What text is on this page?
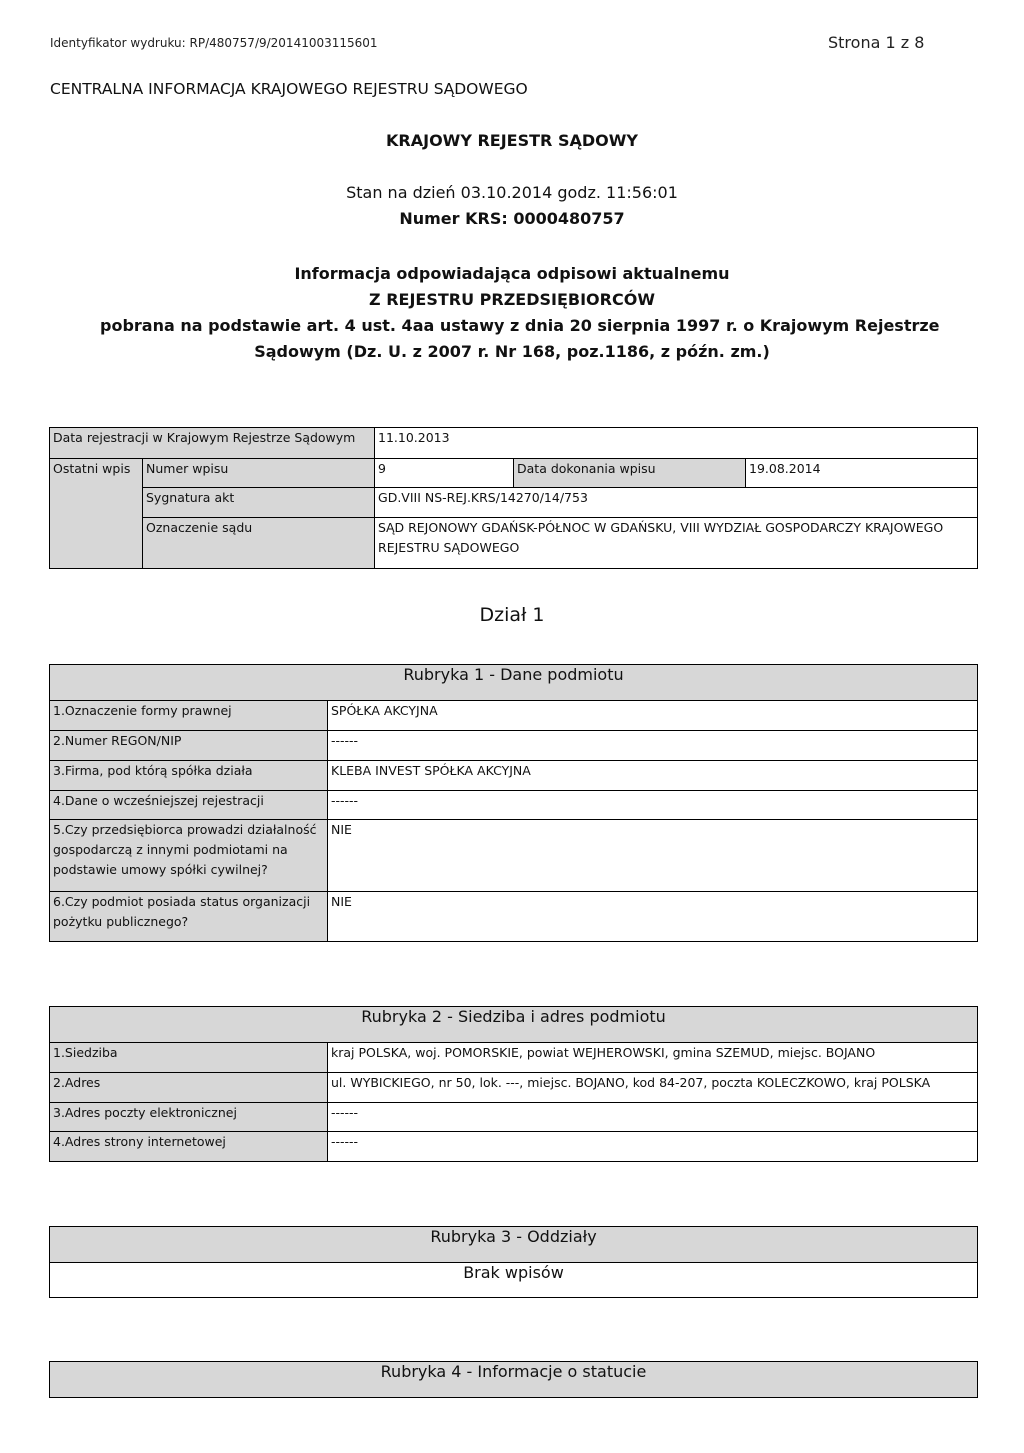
Identyfikator wydruku: RP/480757/9/20141003115601	Strona 1 z 8
CENTRALNA INFORMACJA KRAJOWEGO REJESTRU SĄDOWEGO
KRAJOWY REJESTR SĄDOWY
Stan na dzień 03.10.2014 godz. 11:56:01
Numer KRS: 0000480757
Informacja odpowiadająca odpisowi aktualnemu
Z REJESTRU PRZEDSIĘBIORCÓW
pobrana na podstawie art. 4 ust. 4aa ustawy z dnia 20 sierpnia 1997 r. o Krajowym Rejestrze
Sądowym (Dz. U. z 2007 r. Nr 168, poz.1186, z późn. zm.)
Data rejestracji w Krajowym Rejestrze Sądowym		11.10.2013		
Ostatni wpis	Numer wpisu	9	Data dokonania wpisu	19.08.2014
	Sygnatura akt	GD.VIII NS-REJ.KRS/14270/14/753		
	Oznaczenie sądu	SĄD REJONOWY GDAŃSK-PÓŁNOC W GDAŃSKU, VIII WYDZIAŁ GOSPODARCZY KRAJOWEGO REJESTRU SĄDOWEGO		
Dział 1
Rubryka 1 - Dane podmiotu	
1.Oznaczenie formy prawnej	SPÓŁKA AKCYJNA
2.Numer REGON/NIP	------
3.Firma, pod którą spółka działa	KLEBA INVEST SPÓŁKA AKCYJNA
4.Dane o wcześniejszej rejestracji	------
5.Czy przedsiębiorca prowadzi działalność gospodarczą z innymi podmiotami na podstawie umowy spółki cywilnej?	NIE
6.Czy podmiot posiada status organizacji pożytku publicznego?	NIE
Rubryka 2 - Siedziba i adres podmiotu	
1.Siedziba	kraj POLSKA, woj. POMORSKIE, powiat WEJHEROWSKI, gmina SZEMUD, miejsc. BOJANO
2.Adres	ul. WYBICKIEGO, nr 50, lok. ---, miejsc. BOJANO, kod 84-207, poczta KOLECZKOWO, kraj POLSKA
3.Adres poczty elektronicznej	------
4.Adres strony internetowej	------
Rubryka 3 - Oddziały
Brak wpisów
Rubryka 4 - Informacje o statucie
